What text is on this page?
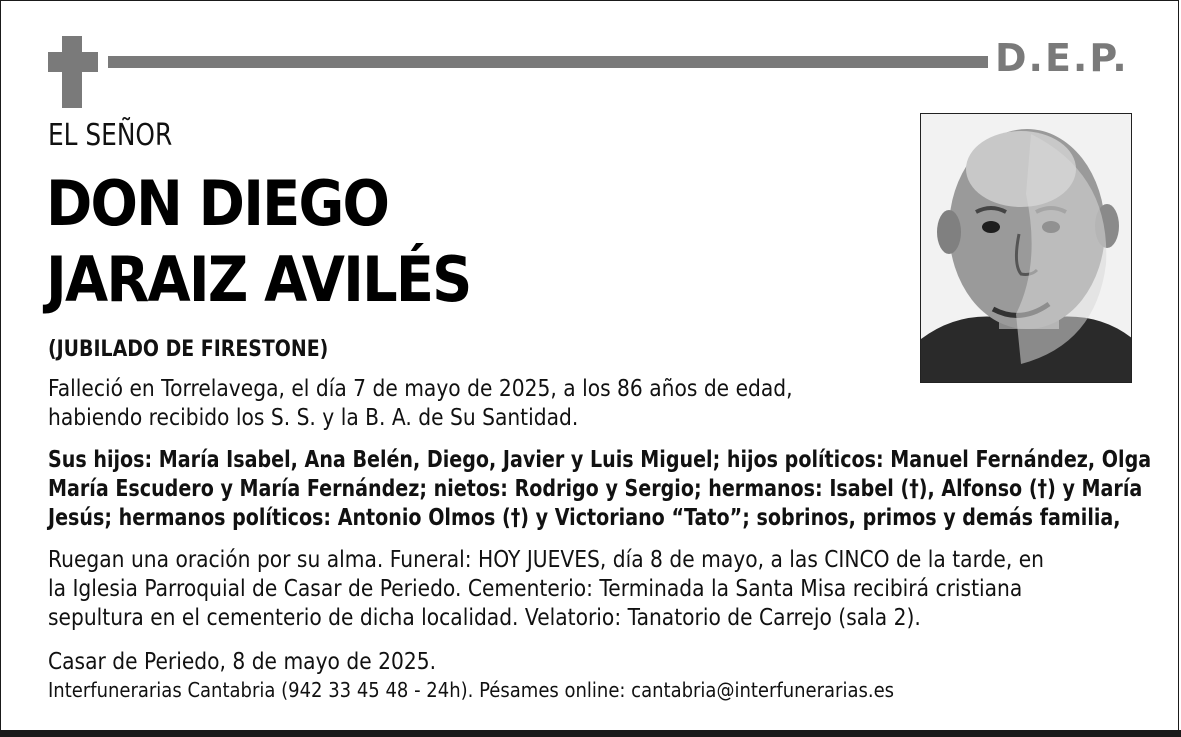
D.E.P.
EL SEÑOR
DON DIEGO
JARAIZ AVILÉS
(JUBILADO DE FIRESTONE)
Falleció en Torrelavega, el día 7 de mayo de 2025, a los 86 años de edad,
habiendo recibido los S. S. y la B. A. de Su Santidad.
Sus hijos: María Isabel, Ana Belén, Diego, Javier y Luis Miguel; hijos políticos: Manuel Fernández, Olga
María Escudero y María Fernández; nietos: Rodrigo y Sergio; hermanos: Isabel (†), Alfonso (†) y María
Jesús; hermanos políticos: Antonio Olmos (†) y Victoriano “Tato”; sobrinos, primos y demás familia,
Ruegan una oración por su alma. Funeral: HOY JUEVES, día 8 de mayo, a las CINCO de la tarde, en
la Iglesia Parroquial de Casar de Periedo. Cementerio: Terminada la Santa Misa recibirá cristiana
sepultura en el cementerio de dicha localidad. Velatorio: Tanatorio de Carrejo (sala 2).
Casar de Periedo, 8 de mayo de 2025.
Interfunerarias Cantabria (942 33 45 48 - 24h). Pésames online: cantabria@interfunerarias.es
